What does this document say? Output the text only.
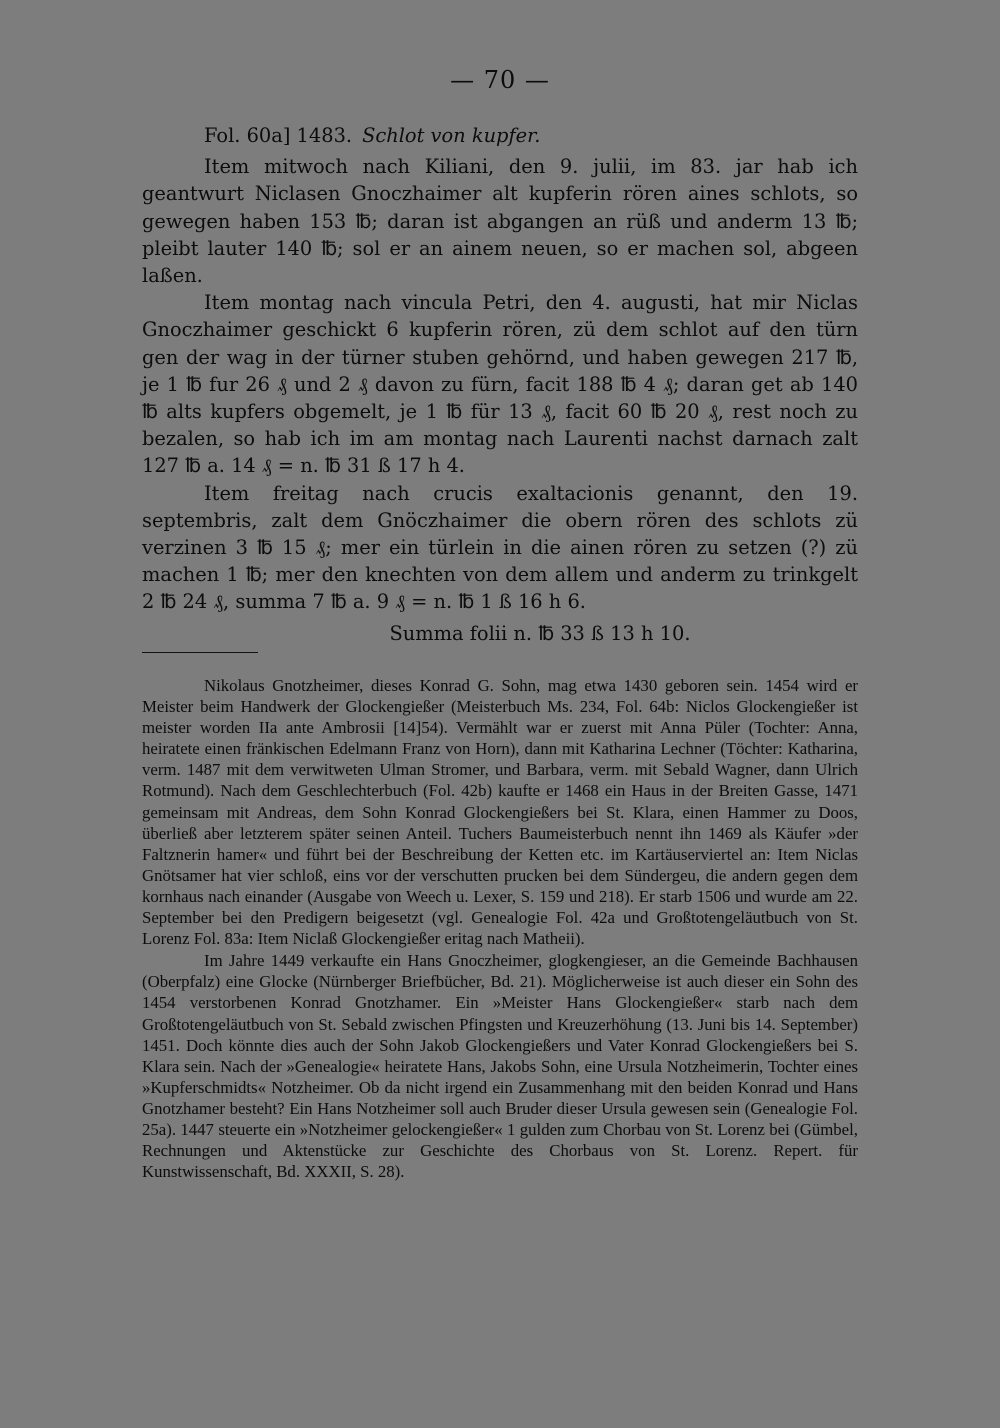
— 70 —

Fol. 60a] 1483. Schlot von kupfer.

Item mitwoch nach Kiliani, den 9. julii, im 83. jar hab ich geantwurt Niclasen Gnoczhaimer alt kupferin rören aines schlots, so gewegen haben 153 ℔; daran ist abgangen an rüß und anderm 13 ℔; pleibt lauter 140 ℔; sol er an ainem neuen, so er machen sol, abgeen laßen.

Item montag nach vincula Petri, den 4. augusti, hat mir Niclas Gnoczhaimer geschickt 6 kupferin rören, zü dem schlot auf den türn gen der wag in der türner stuben gehörnd, und haben gewegen 217 ℔, je 1 ℔ fur 26 ₰ und 2 ₰ davon zu fürn, facit 188 ℔ 4 ₰; daran get ab 140 ℔ alts kupfers obgemelt, je 1 ℔ für 13 ₰, facit 60 ℔ 20 ₰, rest noch zu bezalen, so hab ich im am montag nach Laurenti nachst darnach zalt 127 ℔ a. 14 ₰ = n. ℔ 31 ß 17 h 4.

Item freitag nach crucis exaltacionis genannt, den 19. septembris, zalt dem Gnöczhaimer die obern rören des schlots zü verzinen 3 ℔ 15 ₰; mer ein türlein in die ainen rören zu setzen (?) zü machen 1 ℔; mer den knechten von dem allem und anderm zu trinkgelt 2 ℔ 24 ₰, summa 7 ℔ a. 9 ₰ = n. ℔ 1 ß 16 h 6.

Summa folii n. ℔ 33 ß 13 h 10.

Nikolaus Gnotzheimer, dieses Konrad G. Sohn, mag etwa 1430 geboren sein. 1454 wird er Meister beim Handwerk der Glockengießer (Meisterbuch Ms. 234, Fol. 64b: Niclos Glockengießer ist meister worden IIa ante Ambrosii [14]54). Vermählt war er zuerst mit Anna Püler (Tochter: Anna, heiratete einen fränkischen Edelmann Franz von Horn), dann mit Katharina Lechner (Töchter: Katharina, verm. 1487 mit dem verwitweten Ulman Stromer, und Barbara, verm. mit Sebald Wagner, dann Ulrich Rotmund). Nach dem Geschlechterbuch (Fol. 42b) kaufte er 1468 ein Haus in der Breiten Gasse, 1471 gemeinsam mit Andreas, dem Sohn Konrad Glockengießers bei St. Klara, einen Hammer zu Doos, überließ aber letzterem später seinen Anteil. Tuchers Baumeisterbuch nennt ihn 1469 als Käufer »der Faltznerin hamer« und führt bei der Beschreibung der Ketten etc. im Kartäuserviertel an: Item Niclas Gnötsamer hat vier schloß, eins vor der verschutten prucken bei dem Sündergeu, die andern gegen dem kornhaus nach einander (Ausgabe von Weech u. Lexer, S. 159 und 218). Er starb 1506 und wurde am 22. September bei den Predigern beigesetzt (vgl. Genealogie Fol. 42a und Großtotengeläutbuch von St. Lorenz Fol. 83a: Item Niclaß Glockengießer eritag nach Matheii).

Im Jahre 1449 verkaufte ein Hans Gnoczheimer, glogkengieser, an die Gemeinde Bachhausen (Oberpfalz) eine Glocke (Nürnberger Briefbücher, Bd. 21). Möglicherweise ist auch dieser ein Sohn des 1454 verstorbenen Konrad Gnotzhamer. Ein »Meister Hans Glockengießer« starb nach dem Großtotengeläutbuch von St. Sebald zwischen Pfingsten und Kreuzerhöhung (13. Juni bis 14. September) 1451. Doch könnte dies auch der Sohn Jakob Glockengießers und Vater Konrad Glockengießers bei S. Klara sein. Nach der »Genealogie« heiratete Hans, Jakobs Sohn, eine Ursula Notzheimerin, Tochter eines »Kupferschmidts« Notzheimer. Ob da nicht irgend ein Zusammenhang mit den beiden Konrad und Hans Gnotzhamer besteht? Ein Hans Notzheimer soll auch Bruder dieser Ursula gewesen sein (Genealogie Fol. 25a). 1447 steuerte ein »Notzheimer gelockengießer« 1 gulden zum Chorbau von St. Lorenz bei (Gümbel, Rechnungen und Aktenstücke zur Geschichte des Chorbaus von St. Lorenz. Repert. für Kunstwissenschaft, Bd. XXXII, S. 28).
